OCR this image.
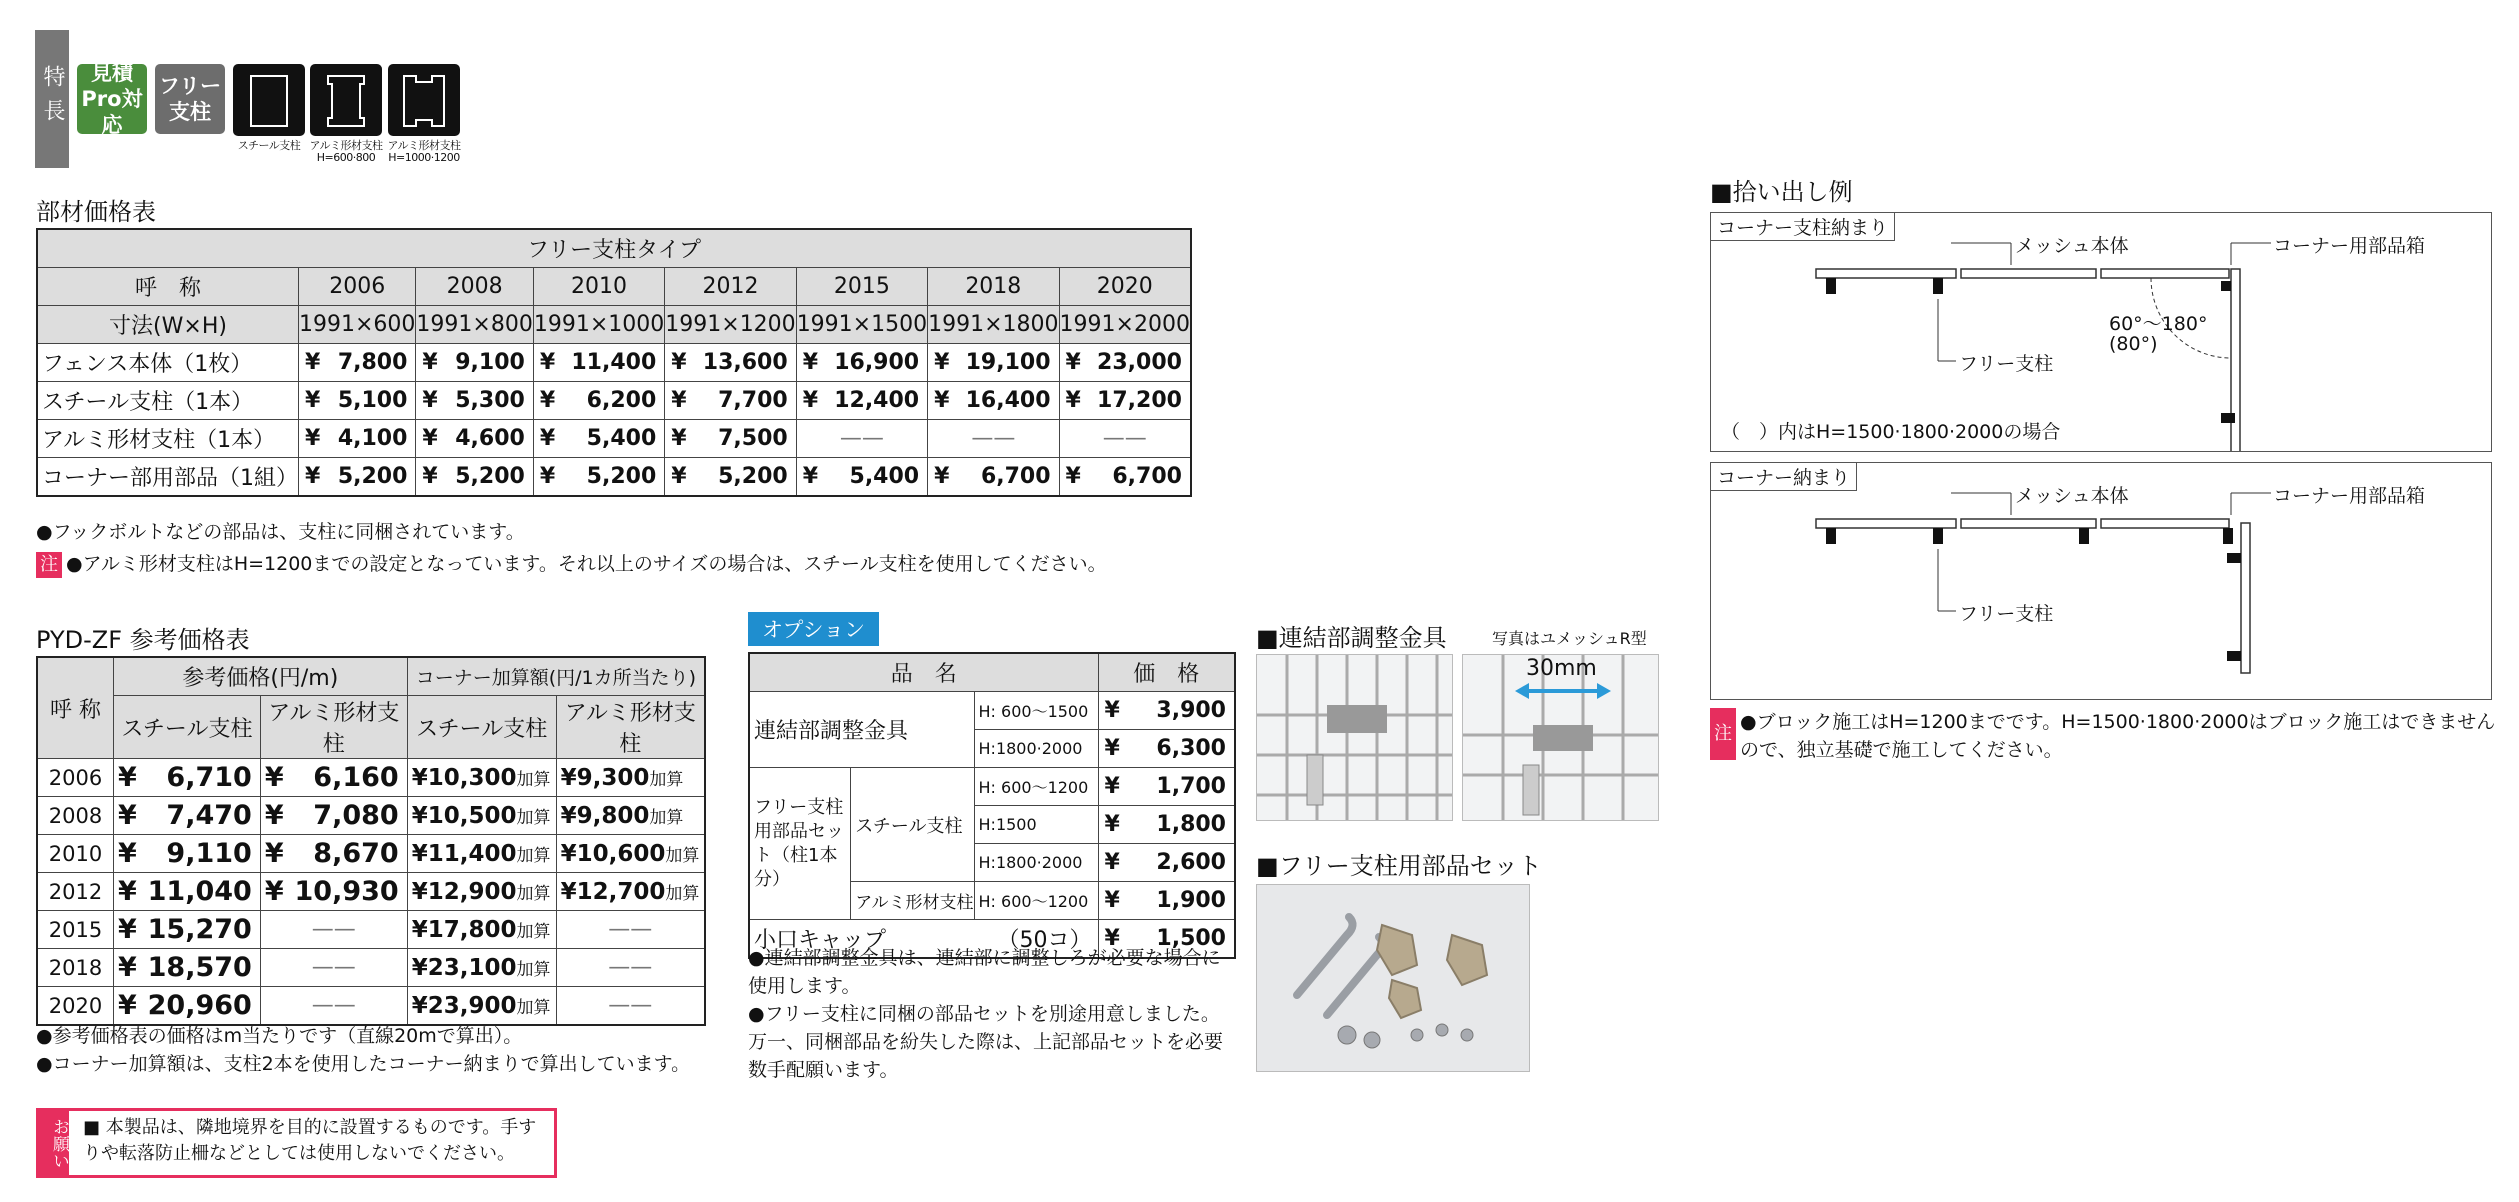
特長	見積Pro対応
フリー支柱
スチール支柱 アルミ形材支柱
H=600·800
アルミ形材支柱
H=1000·1200
部材価格表
フリー支柱タイプ							
呼　称	2006	2008	2010	2012	2015	2018	2020
寸法(W×H)	1991×600	1991×800	1991×1000	1991×1200	1991×1500	1991×1800	1991×2000
フェンス本体（1枚）	¥ 7,800	¥ 9,100	¥ 11,400	¥ 13,600	¥ 16,900	¥ 19,100	¥ 23,000

スチール支柱（1本）	¥ 5,100	¥ 5,300	¥ 6,200	¥ 7,700	¥ 12,400	¥ 16,400	¥ 17,200

アルミ形材支柱（1本）	¥ 4,100	¥ 4,600	¥ 5,400	¥ 7,500	——	——	——
コーナー部用部品（1組）	¥ 5,200	¥ 5,200	¥ 5,200	¥ 5,200	¥ 5,400	¥ 6,700	¥ 6,700
●フックボルトなどの部品は、支柱に同梱されています。
注 ●アルミ形材支柱はH=1200までの設定となっています。それ以上のサイズの場合は、スチール支柱を使用してください。
PYD-ZF 参考価格表
呼 称	参考価格(円/m)		コーナー加算額(円/1カ所当たり)	
	スチール支柱	アルミ形材支柱	スチール支柱	アルミ形材支柱
2006	¥ 6,710	¥ 6,160	¥ 10,300 加算	¥ 9,300 加算

2008	¥ 7,470	¥ 7,080	¥ 10,500 加算	¥ 9,800 加算

2010	¥ 9,110	¥ 8,670	¥ 11,400 加算	¥ 10,600 加算

2012	¥ 11,040	¥ 10,930	¥ 12,900 加算	¥ 12,700 加算

2015	¥ 15,270	——	¥ 17,800 加算	——
2018	¥ 18,570	——	¥ 23,100 加算	——
2020	¥ 20,960	——	¥ 23,900 加算	——
●参考価格表の価格はm当たりです（直線20mで算出）。
●コーナー加算額は、支柱2本を使用したコーナー納まりで算出しています。
お願い ■ 本製品は、隣地境界を目的に設置するものです。手すりや転落防止柵などとしては使用しないでください。
オプション
品　名			価　格
連結部調整金具		H: 600～1500	¥ 3,900

		H:1800·2000	¥ 6,300

フリー支柱用部品セット（柱1本分）	スチール支柱	H: 600～1200	¥ 1,700

		H:1500	¥ 1,800

		H:1800·2000	¥ 2,600

	アルミ形材支柱	H: 600～1200	¥ 1,900

小口キャップ （50コ）			¥ 1,500
●連結部調整金具は、連結部に調整しろが必要な場合に使用します。
●フリー支柱に同梱の部品セットを別途用意しました。万一、同梱部品を紛失した際は、上記部品セットを必要数手配願います。
■連結部調整金具	写真はユメッシュR型
30mm
■フリー支柱用部品セット
■拾い出し例
コーナー支柱納まり
メッシュ本体	コーナー用部品箱
フリー支柱
60°～180°
(80°)
（　）内はH=1500·1800·2000の場合
コーナー納まり
メッシュ本体	コーナー用部品箱
フリー支柱
注
●ブロック施工はH=1200までです。H=1500·1800·2000はブロック施工はできませんので、独立基礎で施工してください。
